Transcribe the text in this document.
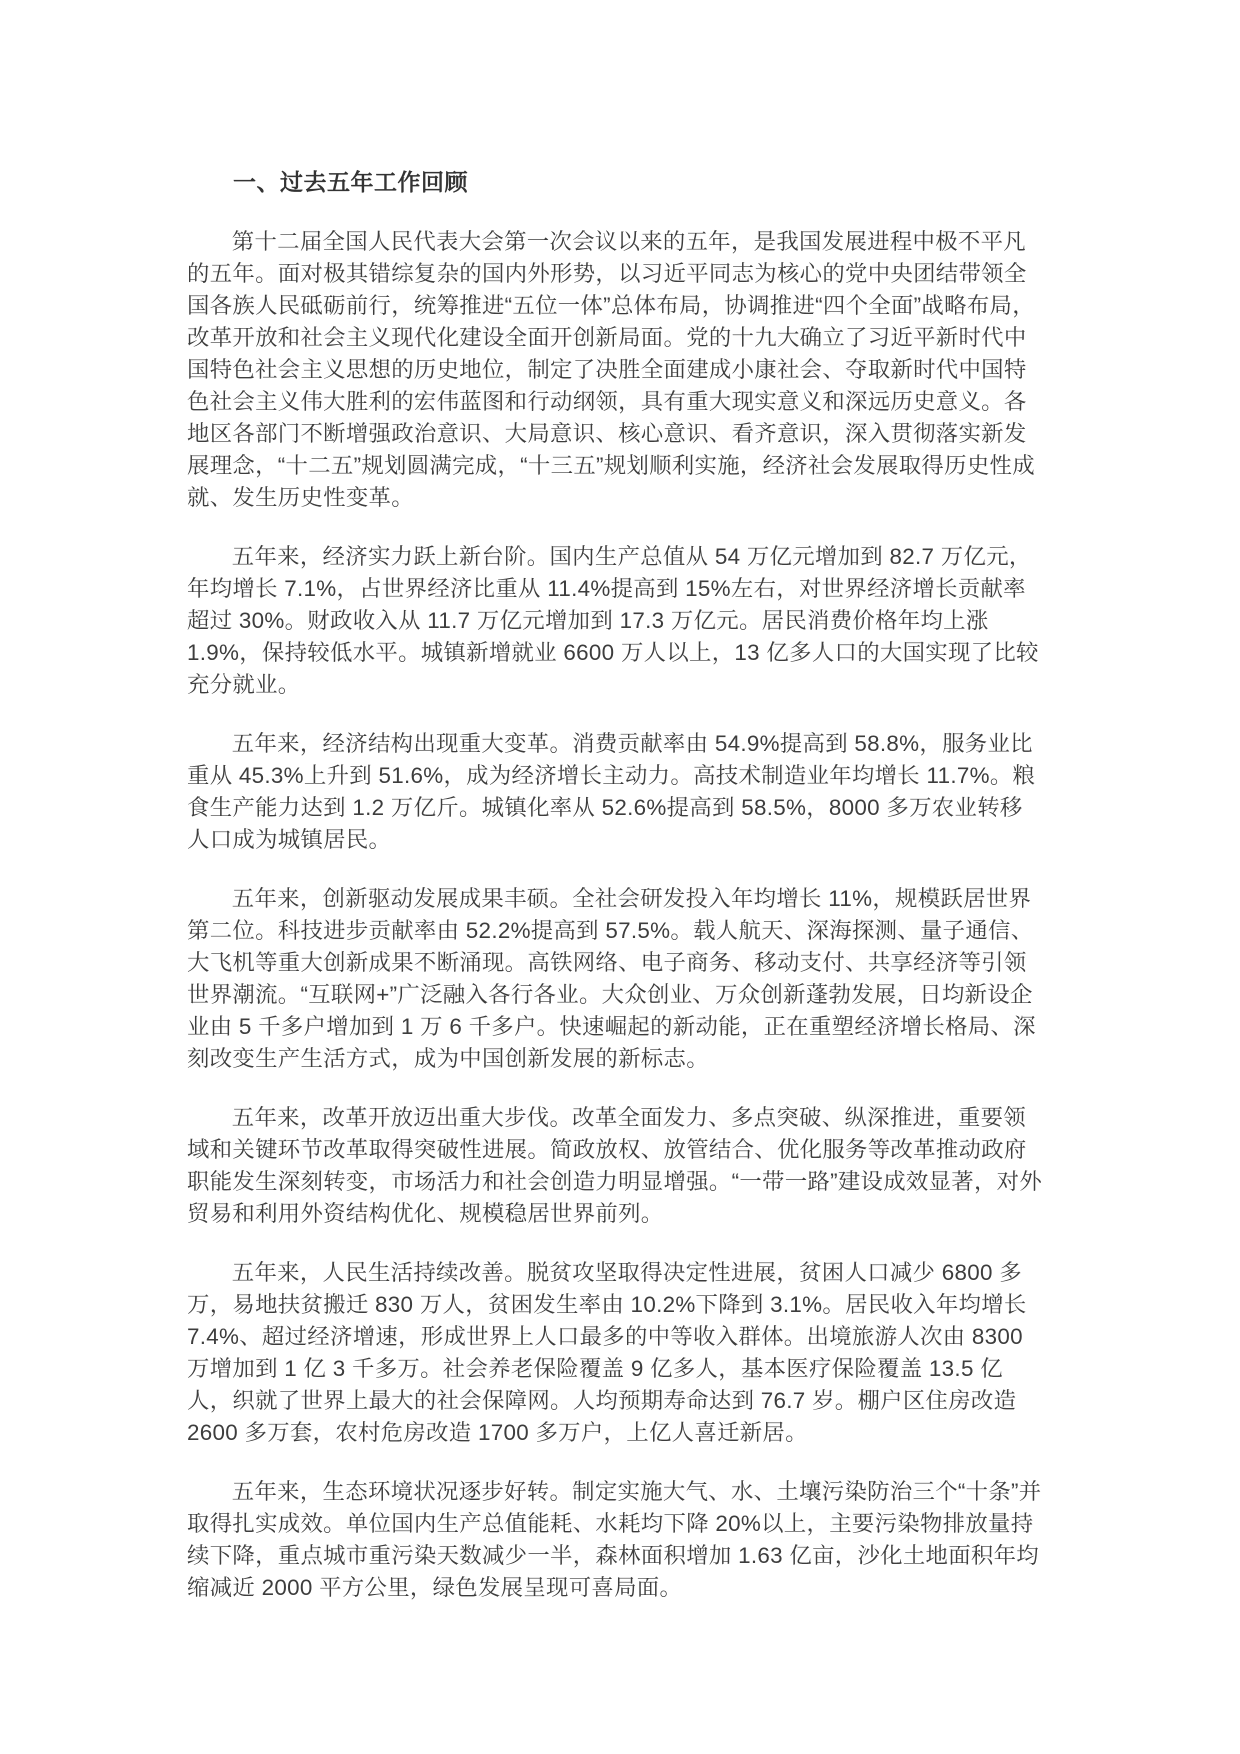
一、过去五年工作回顾

第十二届全国人民代表大会第一次会议以来的五年，是我国发展进程中极不平凡的五年。面对极其错综复杂的国内外形势，以习近平同志为核心的党中央团结带领全国各族人民砥砺前行，统筹推进“五位一体”总体布局，协调推进“四个全面”战略布局，改革开放和社会主义现代化建设全面开创新局面。党的十九大确立了习近平新时代中国特色社会主义思想的历史地位，制定了决胜全面建成小康社会、夺取新时代中国特色社会主义伟大胜利的宏伟蓝图和行动纲领，具有重大现实意义和深远历史意义。各地区各部门不断增强政治意识、大局意识、核心意识、看齐意识，深入贯彻落实新发展理念，“十二五”规划圆满完成，“十三五”规划顺利实施，经济社会发展取得历史性成就、发生历史性变革。

五年来，经济实力跃上新台阶。国内生产总值从 54 万亿元增加到 82.7 万亿元，年均增长 7.1%，占世界经济比重从 11.4%提高到 15%左右，对世界经济增长贡献率超过 30%。财政收入从 11.7 万亿元增加到 17.3 万亿元。居民消费价格年均上涨 1.9%，保持较低水平。城镇新增就业 6600 万人以上，13 亿多人口的大国实现了比较充分就业。

五年来，经济结构出现重大变革。消费贡献率由 54.9%提高到 58.8%，服务业比重从 45.3%上升到 51.6%，成为经济增长主动力。高技术制造业年均增长 11.7%。粮食生产能力达到 1.2 万亿斤。城镇化率从 52.6%提高到 58.5%，8000 多万农业转移人口成为城镇居民。

五年来，创新驱动发展成果丰硕。全社会研发投入年均增长 11%，规模跃居世界第二位。科技进步贡献率由 52.2%提高到 57.5%。载人航天、深海探测、量子通信、大飞机等重大创新成果不断涌现。高铁网络、电子商务、移动支付、共享经济等引领世界潮流。“互联网+”广泛融入各行各业。大众创业、万众创新蓬勃发展，日均新设企业由 5 千多户增加到 1 万 6 千多户。快速崛起的新动能，正在重塑经济增长格局、深刻改变生产生活方式，成为中国创新发展的新标志。

五年来，改革开放迈出重大步伐。改革全面发力、多点突破、纵深推进，重要领域和关键环节改革取得突破性进展。简政放权、放管结合、优化服务等改革推动政府职能发生深刻转变，市场活力和社会创造力明显增强。“一带一路”建设成效显著，对外贸易和利用外资结构优化、规模稳居世界前列。

五年来，人民生活持续改善。脱贫攻坚取得决定性进展，贫困人口减少 6800 多万，易地扶贫搬迁 830 万人，贫困发生率由 10.2%下降到 3.1%。居民收入年均增长 7.4%、超过经济增速，形成世界上人口最多的中等收入群体。出境旅游人次由 8300 万增加到 1 亿 3 千多万。社会养老保险覆盖 9 亿多人，基本医疗保险覆盖 13.5 亿人，织就了世界上最大的社会保障网。人均预期寿命达到 76.7 岁。棚户区住房改造 2600 多万套，农村危房改造 1700 多万户，上亿人喜迁新居。

五年来，生态环境状况逐步好转。制定实施大气、水、土壤污染防治三个“十条”并取得扎实成效。单位国内生产总值能耗、水耗均下降 20%以上，主要污染物排放量持续下降，重点城市重污染天数减少一半，森林面积增加 1.63 亿亩，沙化土地面积年均缩减近 2000 平方公里，绿色发展呈现可喜局面。
